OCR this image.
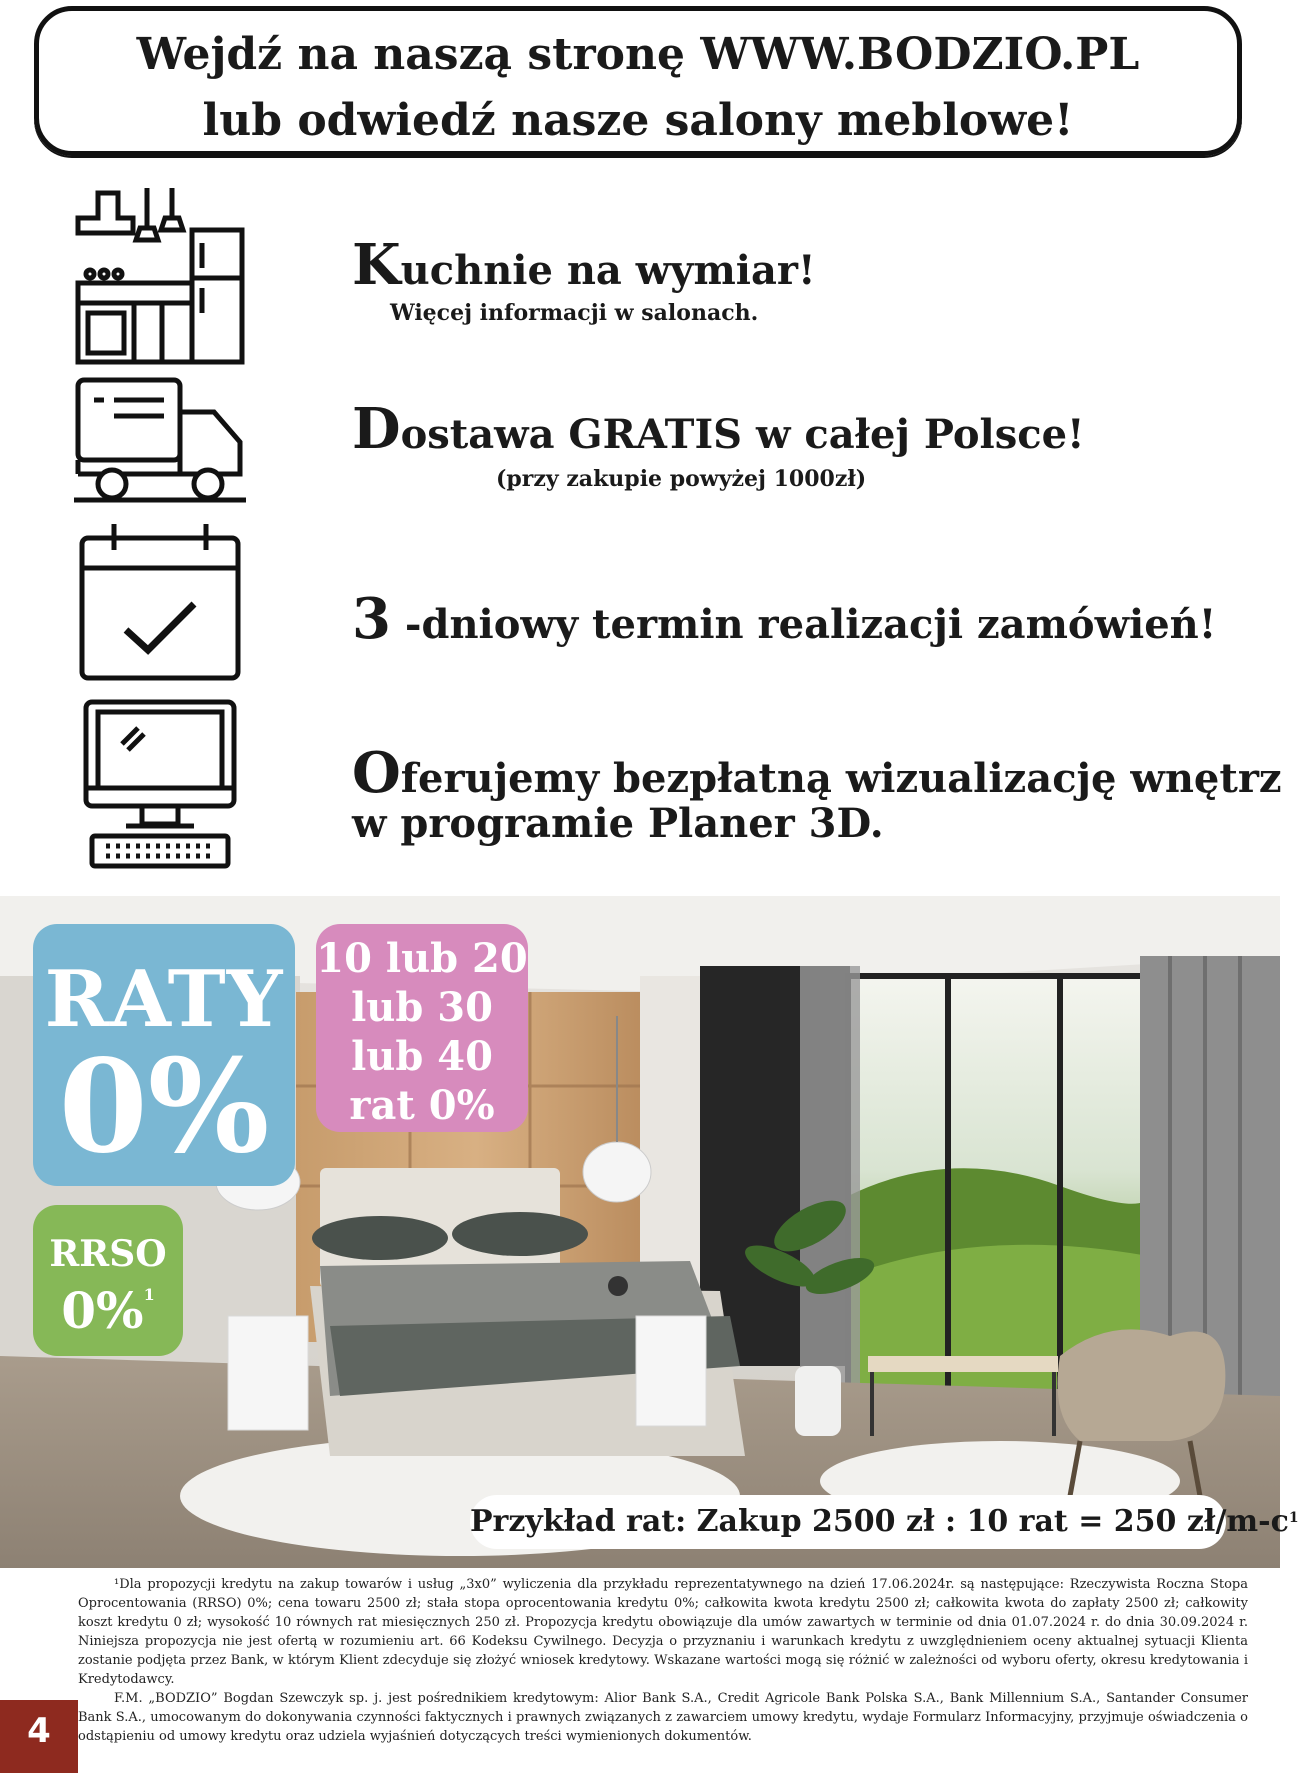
Wejdź na naszą stronę WWW.BODZIO.PL
lub odwiedź nasze salony meblowe!
Kuchnie na wymiar!
Więcej informacji w salonach.
Dostawa GRATIS w całej Polsce!
(przy zakupie powyżej 1000zł)
3 -dniowy termin realizacji zamówień!
Oferujemy bezpłatną wizualizację wnętrz
w programie Planer 3D.
RATY
0%
10 lub 20
lub 30
lub 40
rat 0%
RRSO
0%$^1$
Przykład rat: Zakup 2500 zł : 10 rat = 250 $zł/m-c^1$

¹Dla propozycji kredytu na zakup towarów i usług „3x0” wyliczenia dla przykładu reprezentatywnego na dzień 17.06.2024r. są następujące: Rzeczywista Roczna Stopa Oprocentowania (RRSO) 0%; cena towaru 2500 zł; stała stopa oprocentowania kredytu 0%; całkowita kwota kredytu 2500 zł; całkowita kwota do zapłaty 2500 zł; całkowity koszt kredytu 0 zł; wysokość 10 równych rat miesięcznych 250 zł. Propozycja kredytu obowiązuje dla umów zawartych w terminie od dnia 01.07.2024 r. do dnia 30.09.2024 r. Niniejsza propozycja nie jest ofertą w rozumieniu art. 66 Kodeksu Cywilnego. Decyzja o przyznaniu i warunkach kredytu z uwzględnieniem oceny aktualnej sytuacji Klienta zostanie podjęta przez Bank, w którym Klient zdecyduje się złożyć wniosek kredytowy. Wskazane wartości mogą się różnić w zależności od wyboru oferty, okresu kredytowania i Kredytodawcy.

F.M. „BODZIO” Bogdan Szewczyk sp. j. jest pośrednikiem kredytowym: Alior Bank S.A., Credit Agricole Bank Polska S.A., Bank Millennium S.A., Santander Consumer Bank S.A., umocowanym do dokonywania czynności faktycznych i prawnych związanych z zawarciem umowy kredytu, wydaje Formularz Informacyjny, przyjmuje oświadczenia o odstąpieniu od umowy kredytu oraz udziela wyjaśnień dotyczących treści wymienionych dokumentów.

4
